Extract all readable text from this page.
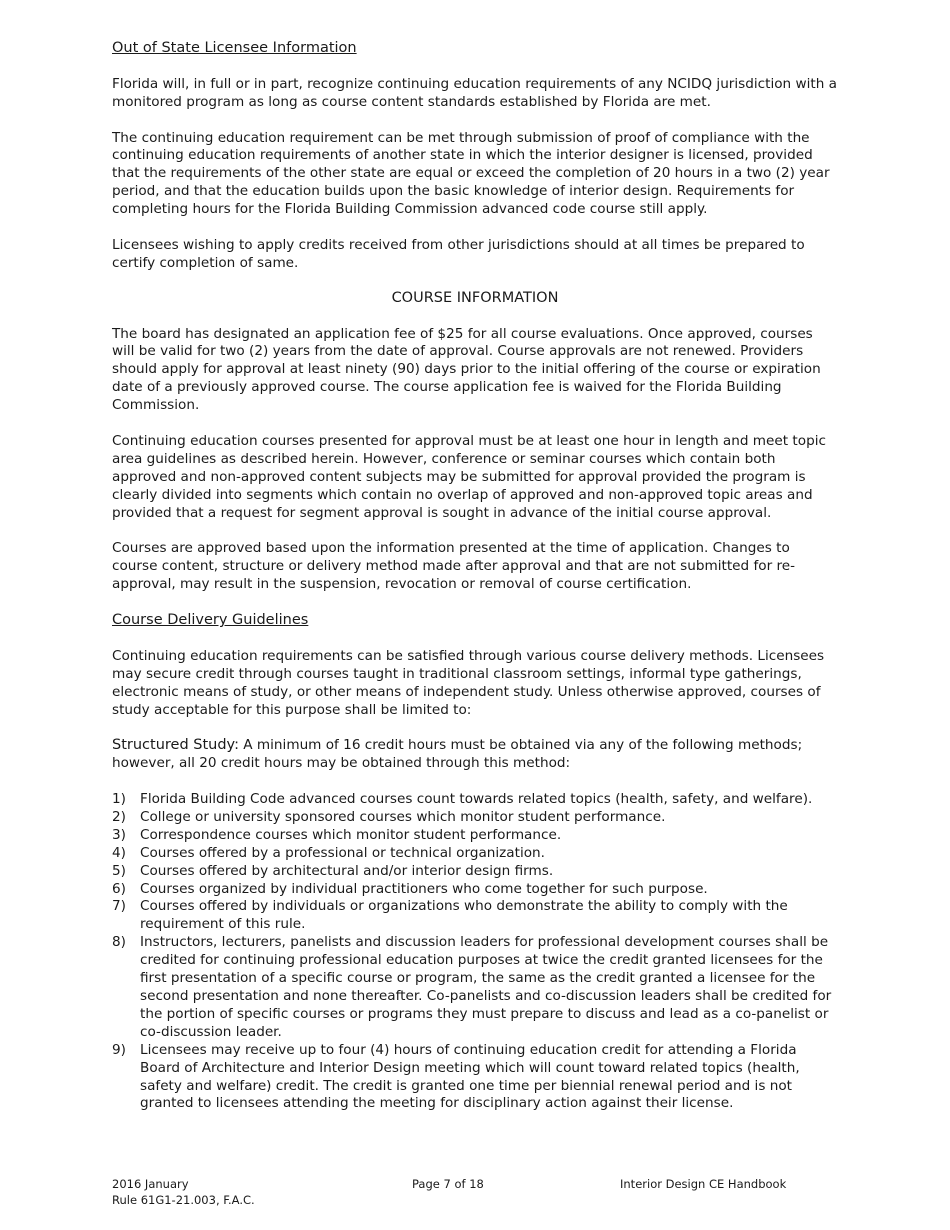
Out of State Licensee Information

Florida will, in full or in part, recognize continuing education requirements of any NCIDQ jurisdiction with a monitored program as long as course content standards established by Florida are met.

The continuing education requirement can be met through submission of proof of compliance with the continuing education requirements of another state in which the interior designer is licensed, provided that the requirements of the other state are equal or exceed the completion of 20 hours in a two (2) year period, and that the education builds upon the basic knowledge of interior design. Requirements for completing hours for the Florida Building Commission advanced code course still apply.

Licensees wishing to apply credits received from other jurisdictions should at all times be prepared to certify completion of same.

COURSE INFORMATION

The board has designated an application fee of $25 for all course evaluations. Once approved, courses will be valid for two (2) years from the date of approval. Course approvals are not renewed. Providers should apply for approval at least ninety (90) days prior to the initial offering of the course or expiration date of a previously approved course. The course application fee is waived for the Florida Building Commission.

Continuing education courses presented for approval must be at least one hour in length and meet topic area guidelines as described herein. However, conference or seminar courses which contain both approved and non-approved content subjects may be submitted for approval provided the program is clearly divided into segments which contain no overlap of approved and non-approved topic areas and provided that a request for segment approval is sought in advance of the initial course approval.

Courses are approved based upon the information presented at the time of application. Changes to course content, structure or delivery method made after approval and that are not submitted for re-approval, may result in the suspension, revocation or removal of course certification.

Course Delivery Guidelines

Continuing education requirements can be satisfied through various course delivery methods. Licensees may secure credit through courses taught in traditional classroom settings, informal type gatherings, electronic means of study, or other means of independent study. Unless otherwise approved, courses of study acceptable for this purpose shall be limited to:

Structured Study: A minimum of 16 credit hours must be obtained via any of the following methods; however, all 20 credit hours may be obtained through this method:

1) Florida Building Code advanced courses count towards related topics (health, safety, and welfare).
2) College or university sponsored courses which monitor student performance.
3) Correspondence courses which monitor student performance.
4) Courses offered by a professional or technical organization.
5) Courses offered by architectural and/or interior design firms.
6) Courses organized by individual practitioners who come together for such purpose.
7) Courses offered by individuals or organizations who demonstrate the ability to comply with the requirement of this rule.
8) Instructors, lecturers, panelists and discussion leaders for professional development courses shall be credited for continuing professional education purposes at twice the credit granted licensees for the first presentation of a specific course or program, the same as the credit granted a licensee for the second presentation and none thereafter. Co-panelists and co-discussion leaders shall be credited for the portion of specific courses or programs they must prepare to discuss and lead as a co-panelist or co-discussion leader.
9) Licensees may receive up to four (4) hours of continuing education credit for attending a Florida Board of Architecture and Interior Design meeting which will count toward related topics (health, safety and welfare) credit. The credit is granted one time per biennial renewal period and is not granted to licensees attending the meeting for disciplinary action against their license.
2016 January
Rule 61G1-21.003, F.A.C.
Page 7 of 18	Interior Design CE Handbook
